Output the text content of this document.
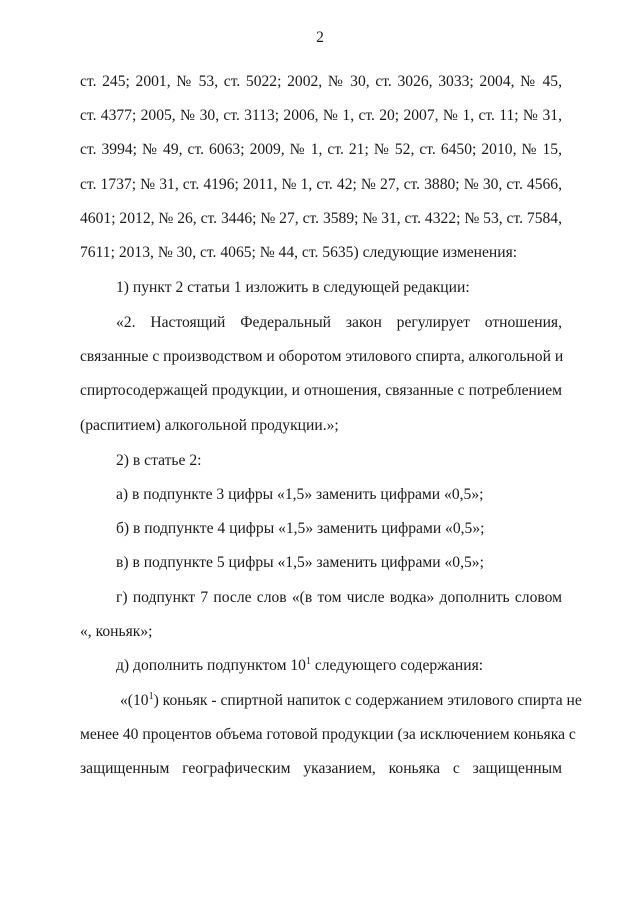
2
ст. 245; 2001, № 53, ст. 5022; 2002, № 30, ст. 3026, 3033; 2004, № 45,
ст. 4377; 2005, № 30, ст. 3113; 2006, № 1, ст. 20; 2007, № 1, ст. 11; № 31,
ст. 3994; № 49, ст. 6063; 2009, № 1, ст. 21; № 52, ст. 6450; 2010, № 15,
ст. 1737; № 31, ст. 4196; 2011, № 1, ст. 42; № 27, ст. 3880; № 30, ст. 4566,
4601; 2012, № 26, ст. 3446; № 27, ст. 3589; № 31, ст. 4322; № 53, ст. 7584,
7611; 2013, № 30, ст. 4065; № 44, ст. 5635) следующие изменения:
1) пункт 2 статьи 1 изложить в следующей редакции:
«2. Настоящий Федеральный закон регулирует отношения,
связанные с производством и оборотом этилового спирта, алкогольной и
спиртосодержащей продукции, и отношения, связанные с потреблением
(распитием) алкогольной продукции.»;
2) в статье 2:
а) в подпункте 3 цифры «1,5» заменить цифрами «0,5»;
б) в подпункте 4 цифры «1,5» заменить цифрами «0,5»;
в) в подпункте 5 цифры «1,5» заменить цифрами «0,5»;
г) подпункт 7 после слов «(в том числе водка» дополнить словом
«, коньяк»;
д) дополнить подпунктом $10^1$ следующего содержания:
«$(10^1)$ коньяк - спиртной напиток с содержанием этилового спирта не
менее 40 процентов объема готовой продукции (за исключением коньяка с
защищенным географическим указанием, коньяка с защищенным
